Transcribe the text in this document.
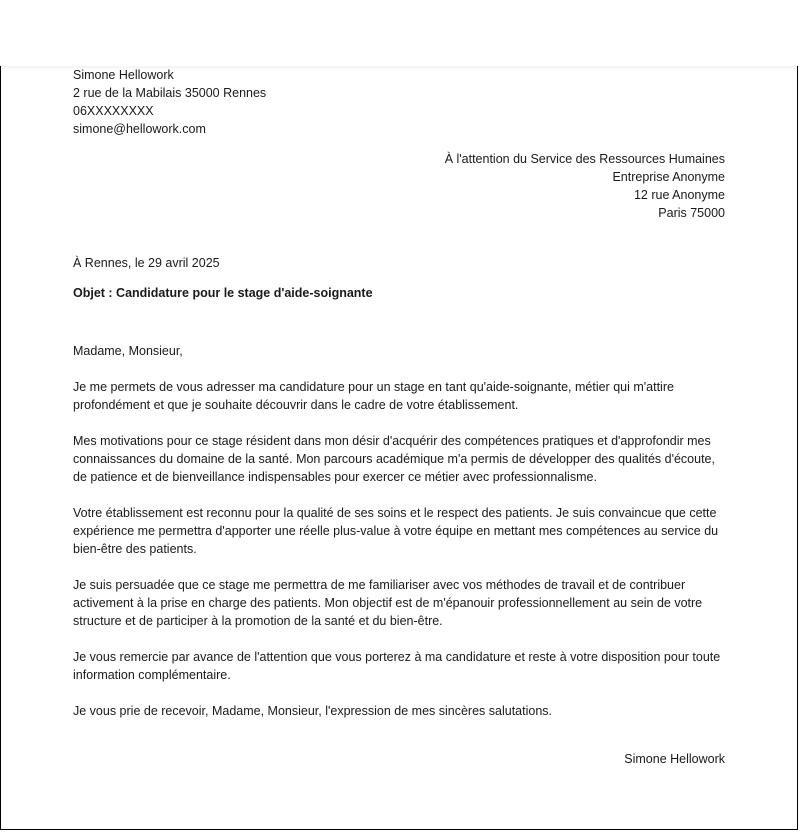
Simone Hellowork
2 rue de la Mabilais 35000 Rennes
06XXXXXXXX
simone@hellowork.com
À l'attention du Service des Ressources Humaines
Entreprise Anonyme
12 rue Anonyme
Paris 75000
À Rennes, le 29 avril 2025
Objet : Candidature pour le stage d'aide-soignante

Madame, Monsieur,

Je me permets de vous adresser ma candidature pour un stage en tant qu'aide-soignante, métier qui m'attire profondément et que je souhaite découvrir dans le cadre de votre établissement.

Mes motivations pour ce stage résident dans mon désir d'acquérir des compétences pratiques et d'approfondir mes connaissances du domaine de la santé. Mon parcours académique m'a permis de développer des qualités d'écoute, de patience et de bienveillance indispensables pour exercer ce métier avec professionnalisme.

Votre établissement est reconnu pour la qualité de ses soins et le respect des patients. Je suis convaincue que cette expérience me permettra d'apporter une réelle plus-value à votre équipe en mettant mes compétences au service du bien-être des patients.

Je suis persuadée que ce stage me permettra de me familiariser avec vos méthodes de travail et de contribuer activement à la prise en charge des patients. Mon objectif est de m'épanouir professionnellement au sein de votre structure et de participer à la promotion de la santé et du bien-être.

Je vous remercie par avance de l'attention que vous porterez à ma candidature et reste à votre disposition pour toute information complémentaire.

Je vous prie de recevoir, Madame, Monsieur, l'expression de mes sincères salutations.

Simone Hellowork
